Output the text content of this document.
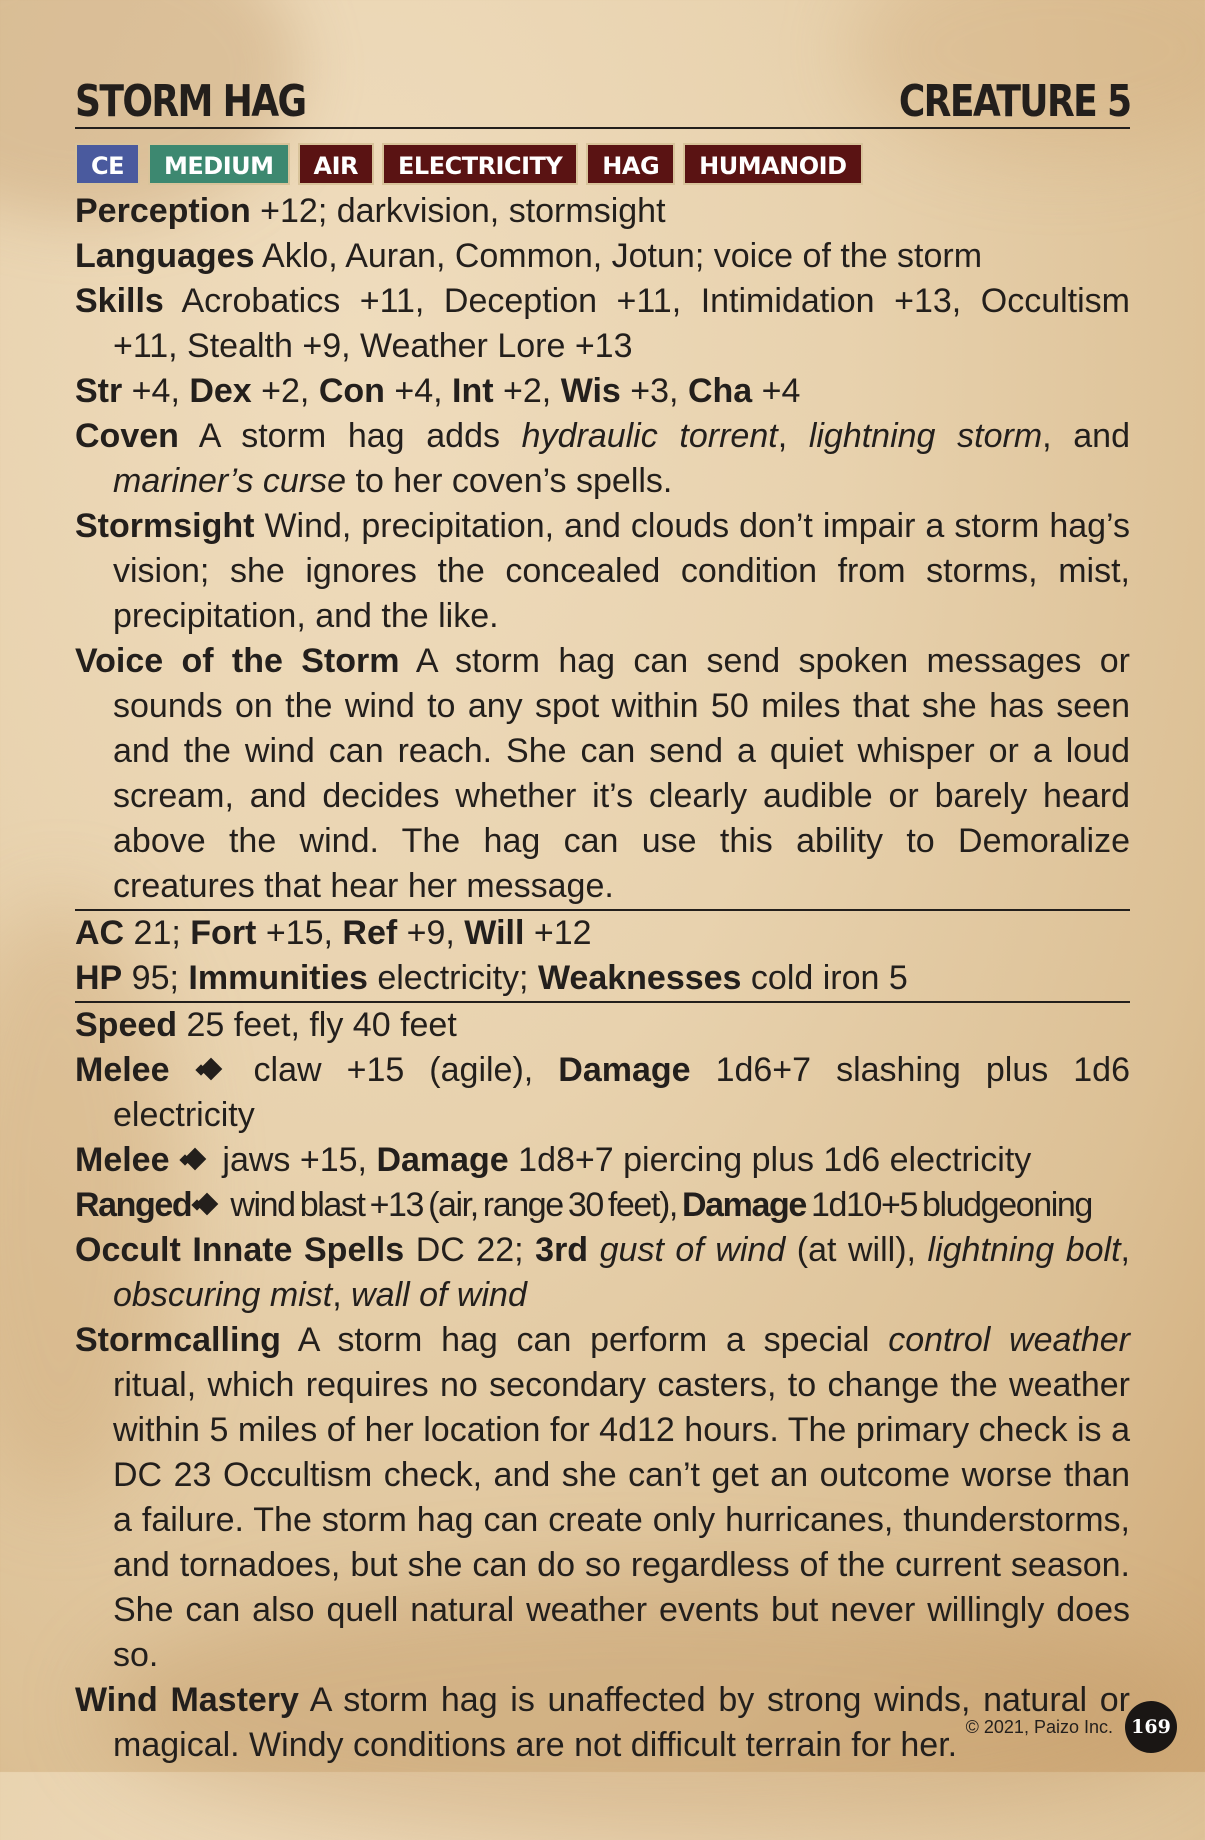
STORM HAG	CREATURE 5
CE	MEDIUM	AIR	ELECTRICITY	HAG	HUMANOID
Perception +12; darkvision, stormsight
Languages Aklo, Auran, Common, Jotun; voice of the storm
Skills Acrobatics +11, Deception +11, Intimidation +13, Occultism +11, Stealth +9, Weather Lore +13
Str +4, Dex +2, Con +4, Int +2, Wis +3, Cha +4
Coven A storm hag adds hydraulic torrent, lightning storm, and mariner’s curse to her coven’s spells.
Stormsight Wind, precipitation, and clouds don’t impair a storm hag’s vision; she ignores the concealed condition from storms, mist, precipitation, and the like.
Voice of the Storm A storm hag can send spoken messages or sounds on the wind to any spot within 50 miles that she has seen and the wind can reach. She can send a quiet whisper or a loud scream, and decides whether it’s clearly audible or barely heard above the wind. The hag can use this ability to Demoralize creatures that hear her message.
AC 21; Fort +15, Ref +9, Will +12
HP 95; Immunities electricity; Weaknesses cold iron 5
Speed 25 feet, fly 40 feet
Melee  claw +15 (agile), Damage 1d6+7 slashing plus 1d6 electricity
Melee  jaws +15, Damage 1d8+7 piercing plus 1d6 electricity
Ranged wind blast +13 (air, range 30 feet), Damage 1d10+5 bludgeoning
Occult Innate Spells DC 22; 3rd gust of wind (at will), lightning bolt, obscuring mist, wall of wind
Stormcalling A storm hag can perform a special control weather ritual, which requires no secondary casters, to change the weather within 5 miles of her location for 4d12 hours. The primary check is a DC 23 Occultism check, and she can’t get an outcome worse than a failure. The storm hag can create only hurricanes, thunderstorms, and tornadoes, but she can do so regardless of the current season. She can also quell natural weather events but never willingly does so.
Wind Mastery A storm hag is unaffected by strong winds, natural or magical. Windy conditions are not difficult terrain for her. © 2021, Paizo Inc. 169
